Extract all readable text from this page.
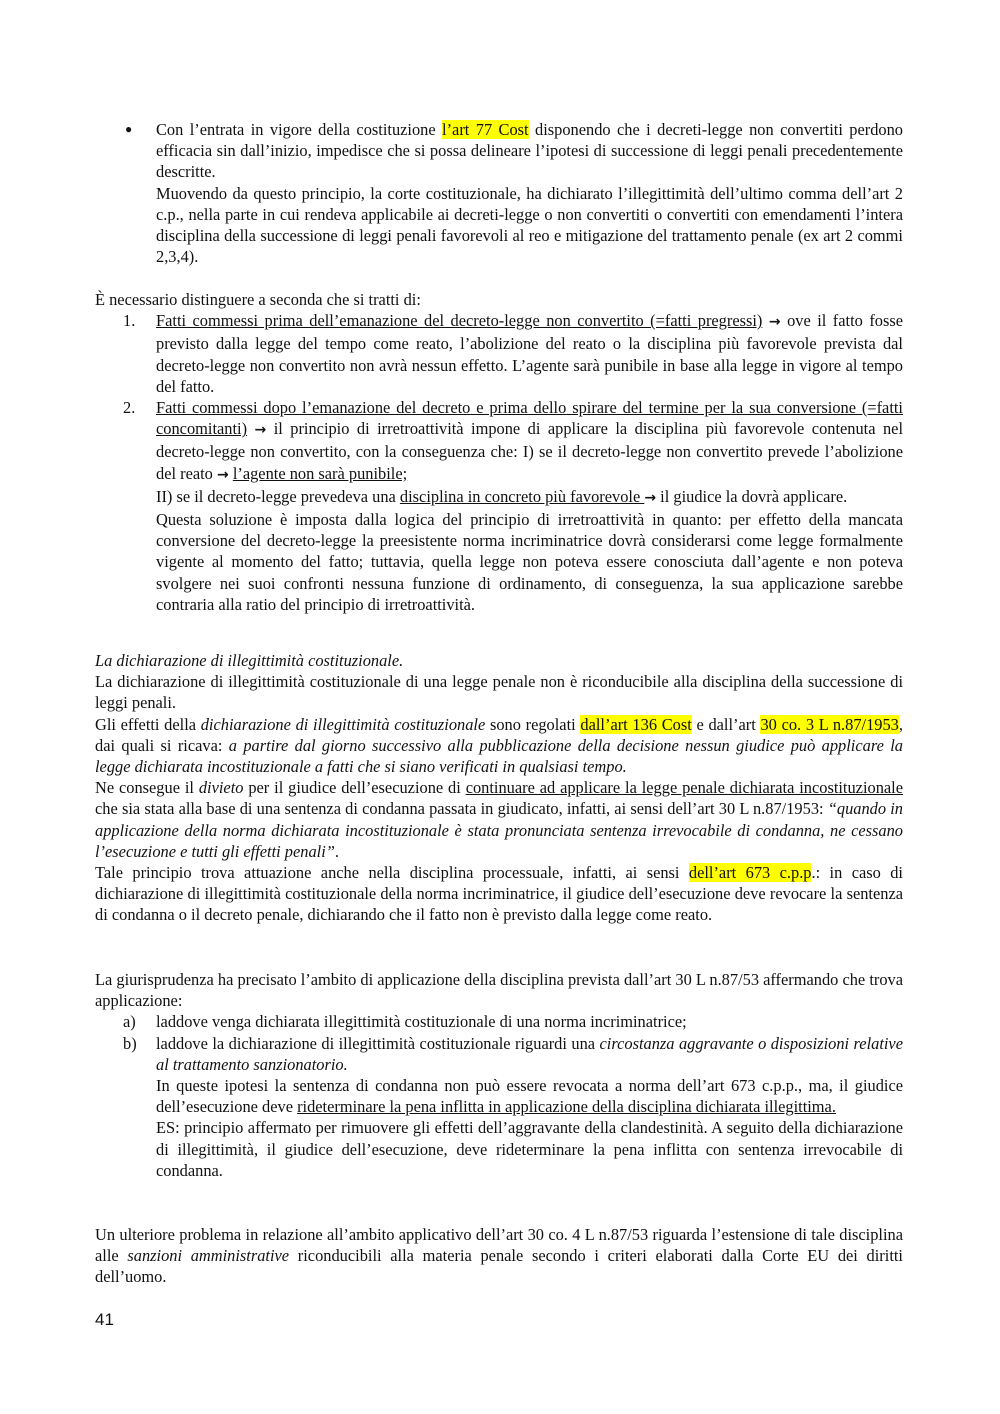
● Con l’entrata in vigore della costituzione l’art 77 Cost disponendo che i decreti-legge non convertiti perdono efficacia sin dall’inizio, impedisce che si possa delineare l’ipotesi di successione di leggi penali precedentemente descritte.

Muovendo da questo principio, la corte costituzionale, ha dichiarato l’illegittimità dell’ultimo comma dell’art 2 c.p., nella parte in cui rendeva applicabile ai decreti-legge o non convertiti o convertiti con emendamenti l’intera disciplina della successione di leggi penali favorevoli al reo e mitigazione del trattamento penale (ex art 2 commi 2,3,4).

È necessario distinguere a seconda che si tratti di:

1. Fatti commessi prima dell’emanazione del decreto-legge non convertito (=fatti pregressi) → ove il fatto fosse previsto dalla legge del tempo come reato, l’abolizione del reato o la disciplina più favorevole prevista dal decreto-legge non convertito non avrà nessun effetto. L’agente sarà punibile in base alla legge in vigore al tempo del fatto.

2. Fatti commessi dopo l’emanazione del decreto e prima dello spirare del termine per la sua conversione (=fatti concomitanti) → il principio di irretroattività impone di applicare la disciplina più favorevole contenuta nel decreto-legge non convertito, con la conseguenza che: I) se il decreto-legge non convertito prevede l’abolizione del reato → l’agente non sarà punibile;

II) se il decreto-legge prevedeva una disciplina in concreto più favorevole → il giudice la dovrà applicare.

Questa soluzione è imposta dalla logica del principio di irretroattività in quanto: per effetto della mancata conversione del decreto-legge la preesistente norma incriminatrice dovrà considerarsi come legge formalmente vigente al momento del fatto; tuttavia, quella legge non poteva essere conosciuta dall’agente e non poteva svolgere nei suoi confronti nessuna funzione di ordinamento, di conseguenza, la sua applicazione sarebbe contraria alla ratio del principio di irretroattività.

La dichiarazione di illegittimità costituzionale.

La dichiarazione di illegittimità costituzionale di una legge penale non è riconducibile alla disciplina della successione di leggi penali.

Gli effetti della dichiarazione di illegittimità costituzionale sono regolati dall’art 136 Cost e dall’art 30 co. 3 L n.87/1953, dai quali si ricava: a partire dal giorno successivo alla pubblicazione della decisione nessun giudice può applicare la legge dichiarata incostituzionale a fatti che si siano verificati in qualsiasi tempo.

Ne consegue il divieto per il giudice dell’esecuzione di continuare ad applicare la legge penale dichiarata incostituzionale che sia stata alla base di una sentenza di condanna passata in giudicato, infatti, ai sensi dell’art 30 L n.87/1953: “quando in applicazione della norma dichiarata incostituzionale è stata pronunciata sentenza irrevocabile di condanna, ne cessano l’esecuzione e tutti gli effetti penali”.

Tale principio trova attuazione anche nella disciplina processuale, infatti, ai sensi dell’art 673 c.p.p.: in caso di dichiarazione di illegittimità costituzionale della norma incriminatrice, il giudice dell’esecuzione deve revocare la sentenza di condanna o il decreto penale, dichiarando che il fatto non è previsto dalla legge come reato.

La giurisprudenza ha precisato l’ambito di applicazione della disciplina prevista dall’art 30 L n.87/53 affermando che trova applicazione:

a) laddove venga dichiarata illegittimità costituzionale di una norma incriminatrice;

b) laddove la dichiarazione di illegittimità costituzionale riguardi una circostanza aggravante o disposizioni relative al trattamento sanzionatorio.

In queste ipotesi la sentenza di condanna non può essere revocata a norma dell’art 673 c.p.p., ma, il giudice dell’esecuzione deve rideterminare la pena inflitta in applicazione della disciplina dichiarata illegittima.

ES: principio affermato per rimuovere gli effetti dell’aggravante della clandestinità. A seguito della dichiarazione di illegittimità, il giudice dell’esecuzione, deve rideterminare la pena inflitta con sentenza irrevocabile di condanna.

Un ulteriore problema in relazione all’ambito applicativo dell’art 30 co. 4 L n.87/53 riguarda l’estensione di tale disciplina alle sanzioni amministrative riconducibili alla materia penale secondo i criteri elaborati dalla Corte EU dei diritti dell’uomo.

41
